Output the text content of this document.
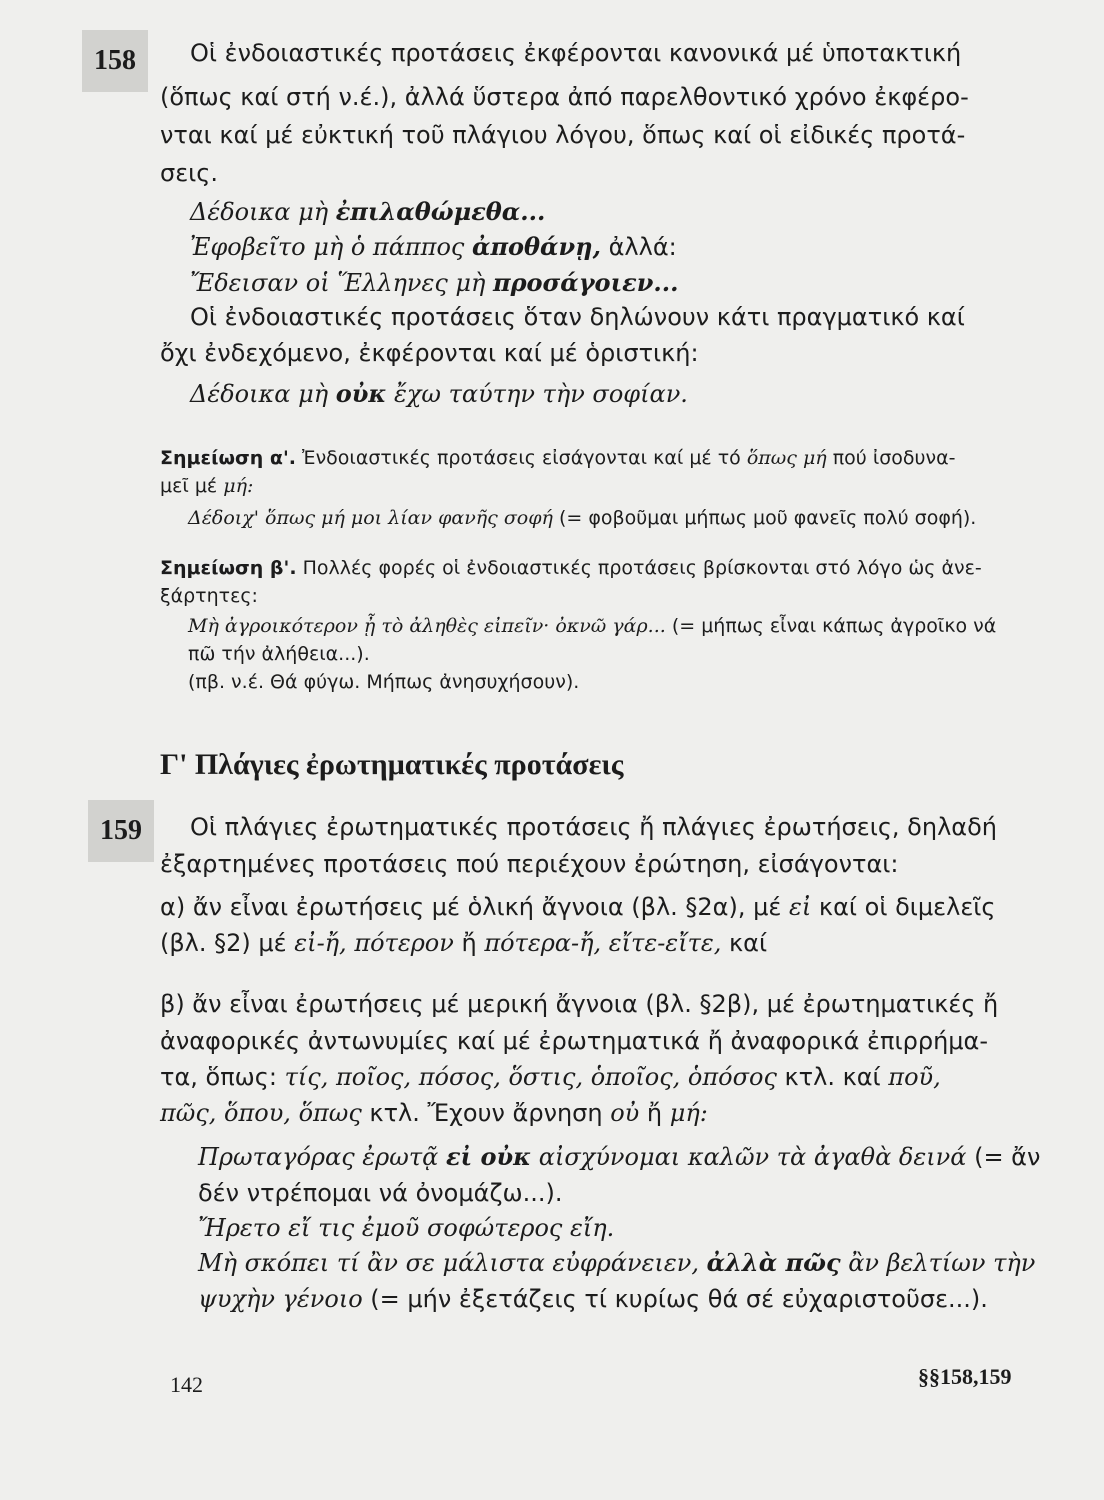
158	Οἱ ἐνδοιαστικές προτάσεις ἐκφέρονται κανονικά μέ ὑποτακτική
(ὅπως καί στή ν.έ.), ἀλλά ὕστερα ἀπό παρελθοντικό χρόνο ἐκφέρο-
νται καί μέ εὐκτική τοῦ πλάγιου λόγου, ὅπως καί οἱ εἰδικές προτά-
σεις.
Δέδοικα μὴ ἐπιλαθώμεθα...
Ἐφοβεῖτο μὴ ὁ πάππος ἀποθάνῃ, ἀλλά:
Ἔδεισαν οἱ Ἕλληνες μὴ προσάγοιεν...
Οἱ ἐνδοιαστικές προτάσεις ὅταν δηλώνουν κάτι πραγματικό καί
ὄχι ἐνδεχόμενο, ἐκφέρονται καί μέ ὁριστική:
Δέδοικα μὴ οὐκ ἔχω ταύτην τὴν σοφίαν.
Σημείωση α'. Ἐνδοιαστικές προτάσεις εἰσάγονται καί μέ τό ὅπως μή πού ἰσοδυνα-
μεῖ μέ μή:
Δέδοιχ' ὅπως μή μοι λίαν φανῆς σοφή (= φοβοῦμαι μήπως μοῦ φανεῖς πολύ σοφή).
Σημείωση β'. Πολλές φορές οἱ ἐνδοιαστικές προτάσεις βρίσκονται στό λόγο ὡς ἀνε-
ξάρτητες:
Μὴ ἀγροικότερον ᾖ τὸ ἀληθὲς εἰπεῖν· ὀκνῶ γάρ... (= μήπως εἶναι κάπως ἀγροῖκο νά
πῶ τήν ἀλήθεια...).
(πβ. ν.έ. Θά φύγω. Μήπως ἀνησυχήσουν).
Γ' Πλάγιες ἐρωτηματικές προτάσεις
159	Οἱ πλάγιες ἐρωτηματικές προτάσεις ἤ πλάγιες ἐρωτήσεις, δηλαδή
ἐξαρτημένες προτάσεις πού περιέχουν ἐρώτηση, εἰσάγονται:
α) ἄν εἶναι ἐρωτήσεις μέ ὁλική ἄγνοια (βλ. §2α), μέ εἰ καί οἱ διμελεῖς
(βλ. §2) μέ εἰ-ἤ, πότερον ἤ πότερα-ἤ, εἴτε-εἴτε, καί
β) ἄν εἶναι ἐρωτήσεις μέ μερική ἄγνοια (βλ. §2β), μέ ἐρωτηματικές ἤ
ἀναφορικές ἀντωνυμίες καί μέ ἐρωτηματικά ἤ ἀναφορικά ἐπιρρήμα-
τα, ὅπως: τίς, ποῖος, πόσος, ὅστις, ὁποῖος, ὁπόσος κτλ. καί ποῦ,
πῶς, ὅπου, ὅπως κτλ. Ἔχουν ἄρνηση οὐ ἤ μή:
Πρωταγόρας ἐρωτᾷ εἰ οὐκ αἰσχύνομαι καλῶν τὰ ἀγαθὰ δεινά (= ἄν
δέν ντρέπομαι νά ὀνομάζω...).
Ἤρετο εἴ τις ἐμοῦ σοφώτερος εἴη.
Μὴ σκόπει τί ἂν σε μάλιστα εὐφράνειεν, ἀλλὰ πῶς ἂν βελτίων τὴν
ψυχὴν γένοιο (= μήν ἐξετάζεις τί κυρίως θά σέ εὐχαριστοῦσε...).
142	§§158,159
